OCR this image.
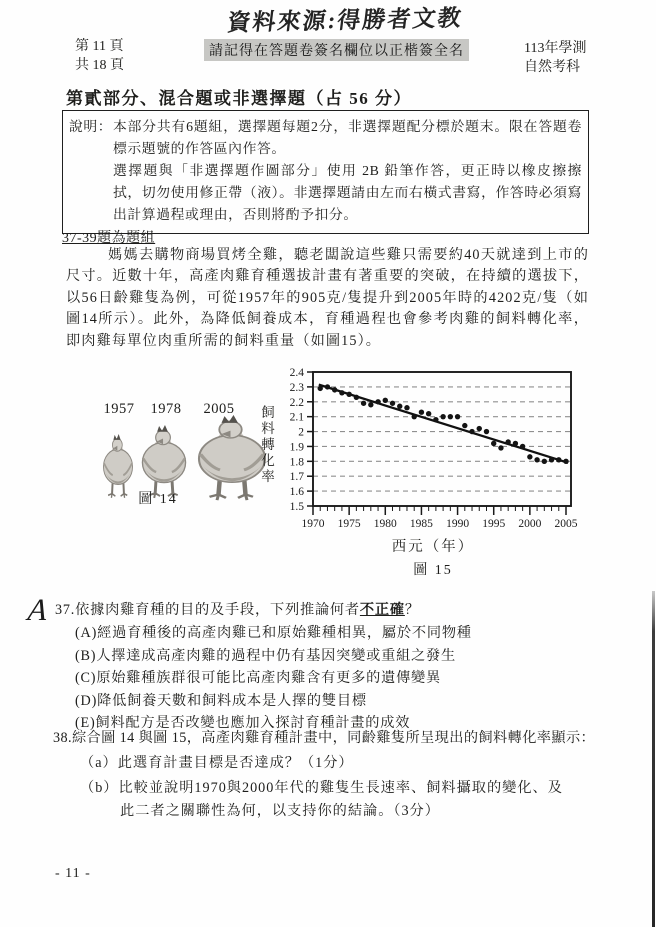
資料來源:得勝者文教
第 11 頁
共 18 頁
請記得在答題卷簽名欄位以正楷簽全名	113年學測
自然考科
第貳部分、混合題或非選擇題（占 56 分）
說明： 本部分共有6題組，選擇題每題2分，非選擇題配分標於題末。限在答題卷標示題號的作答區內作答。

選擇題與「非選擇題作圖部分」使用 2B 鉛筆作答，更正時以橡皮擦擦拭，切勿使用修正帶（液）。非選擇題請由左而右橫式書寫，作答時必須寫出計算過程或理由，否則將酌予扣分。

37-39題為題組
媽媽去購物商場買烤全雞，聽老闆說這些雞只需要約40天就達到上市的尺寸。近數十年，高產肉雞育種選拔計畫有著重要的突破，在持續的選拔下，以56日齡雞隻為例，可從1957年的905克/隻提升到2005年時的4202克/隻（如圖14所示）。此外，為降低飼養成本，育種過程也會參考肉雞的飼料轉化率，即肉雞每單位肉重所需的飼料重量（如圖15）。
1957	1978	2005
圖 14
飼料轉化率
1.5
1.6
1.7
1.8
1.9
2
2.1
2.2
2.3
2.4
1970 1975 1980 1985 1990 1995 2000 2005
西元（年）
圖 15
A 37.依據肉雞育種的目的及手段，下列推論何者不正確？
(A)經過育種後的高產肉雞已和原始雞種相異，屬於不同物種
(B)人擇達成高產肉雞的過程中仍有基因突變或重組之發生
(C)原始雞種族群很可能比高產肉雞含有更多的遺傳變異
(D)降低飼養天數和飼料成本是人擇的雙目標
(E)飼料配方是否改變也應加入探討育種計畫的成效
38.綜合圖 14 與圖 15，高產肉雞育種計畫中，同齡雞隻所呈現出的飼料轉化率顯示：
（a）此選育計畫目標是否達成？（1分）
（b）比較並說明1970與2000年代的雞隻生長速率、飼料攝取的變化、及此二者之關聯性為何，以支持你的結論。（3分）
- 11 -
